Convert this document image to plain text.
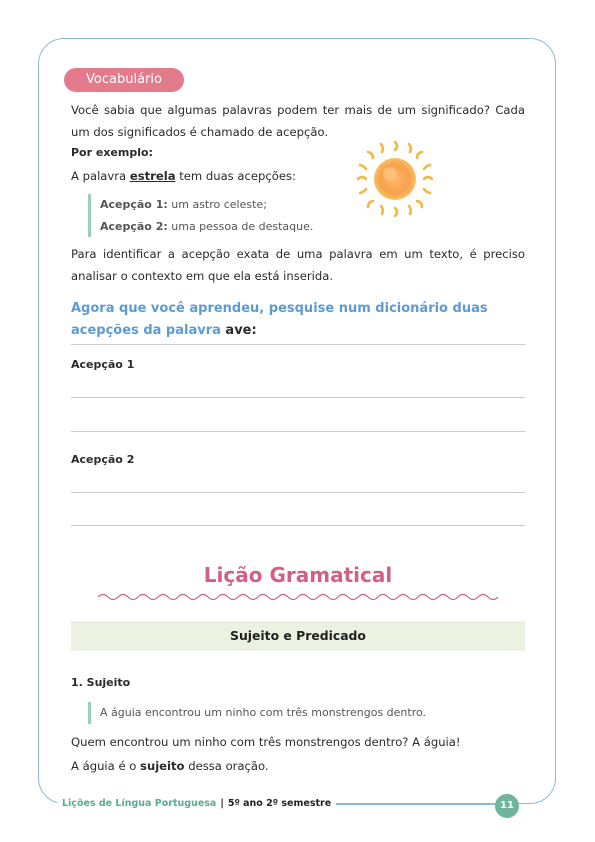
Vocabulário
Você sabia que algumas palavras podem ter mais de um significado? Cada um dos significados é chamado de acepção.
Por exemplo:
A palavra estrela tem duas acepções:
Acepção 1: um astro celeste;
Acepção 2: uma pessoa de destaque.
Para identificar a acepção exata de uma palavra em um texto, é preciso analisar o contexto em que ela está inserida.
Agora que você aprendeu, pesquise num dicionário duas acepções da palavra ave:
Acepção 1
Acepção 2
Lição Gramatical
Sujeito e Predicado
1. Sujeito
A águia encontrou um ninho com três monstrengos dentro.
Quem encontrou um ninho com três monstrengos dentro? A águia!
A águia é o sujeito dessa oração.
Lições de Língua Portuguesa | 5º ano 2º semestre	11
